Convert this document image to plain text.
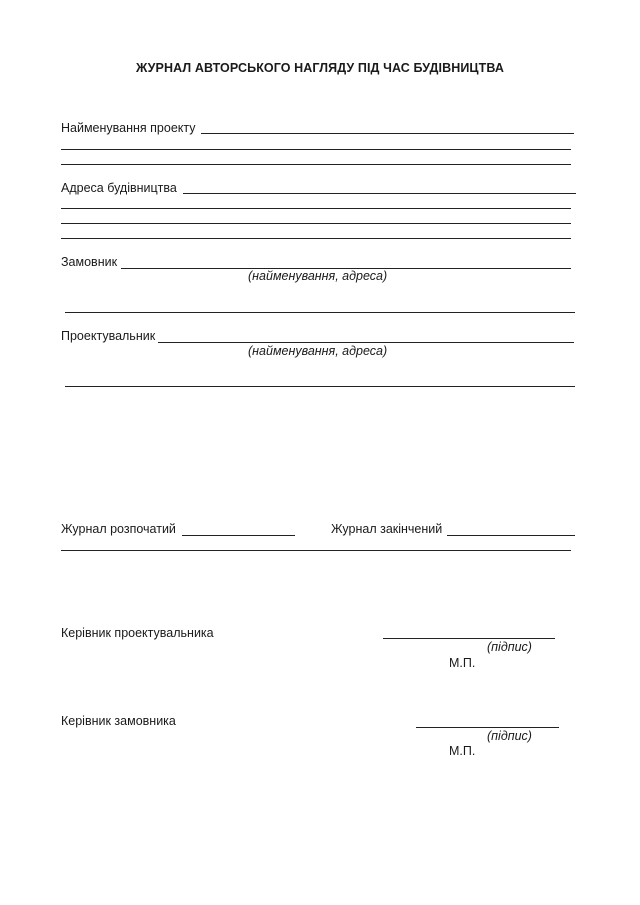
ЖУРНАЛ АВТОРСЬКОГО НАГЛЯДУ ПІД ЧАС БУДІВНИЦТВА
Найменування проекту
Адреса будівництва
Замовник
(найменування, адреса)
Проектувальник
(найменування, адреса)
Журнал розпочатий	Журнал закінчений
Керівник проектувальника
(підпис)
М.П.
Керівник замовника
(підпис)
М.П.
